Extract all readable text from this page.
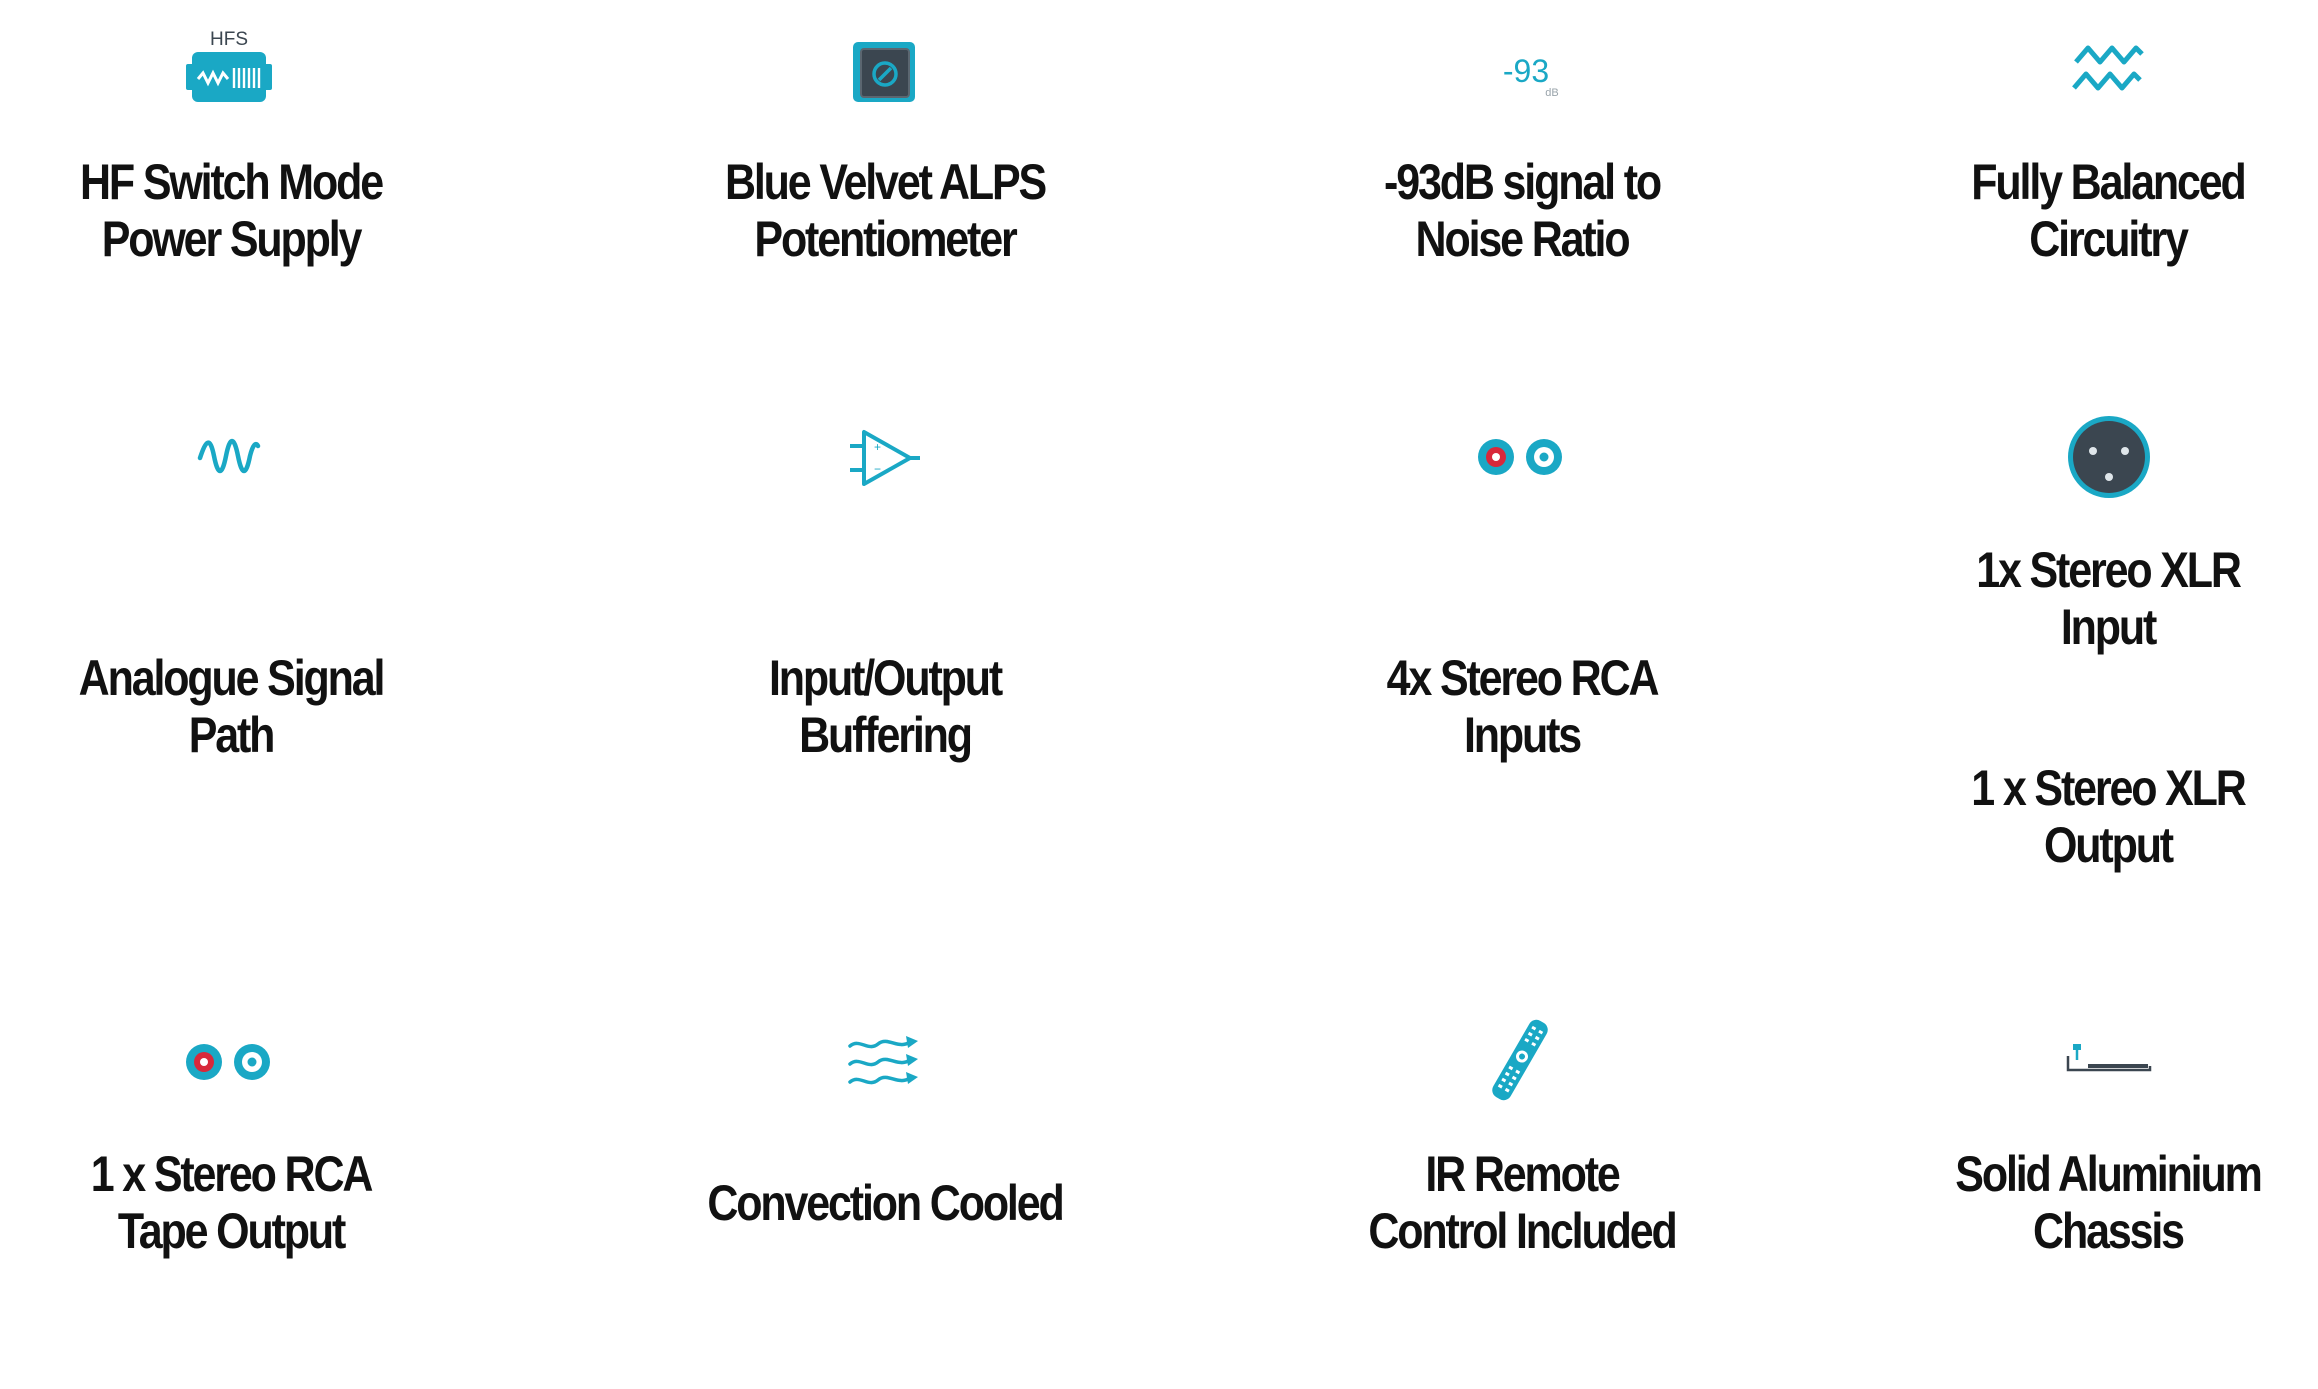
HFS
HF Switch Mode
Power Supply
Blue Velvet ALPS
Potentiometer
-93
dB
-93dB signal to
Noise Ratio
Fully Balanced
Circuitry
Analogue Signal
Path
+
−
Input/Output
Buffering
4x Stereo RCA
Inputs
1x Stereo XLR
Input
1 x Stereo XLR
Output
1 x Stereo RCA
Tape Output	Convection Cooled
IR Remote
Control Included
Solid Aluminium
Chassis
